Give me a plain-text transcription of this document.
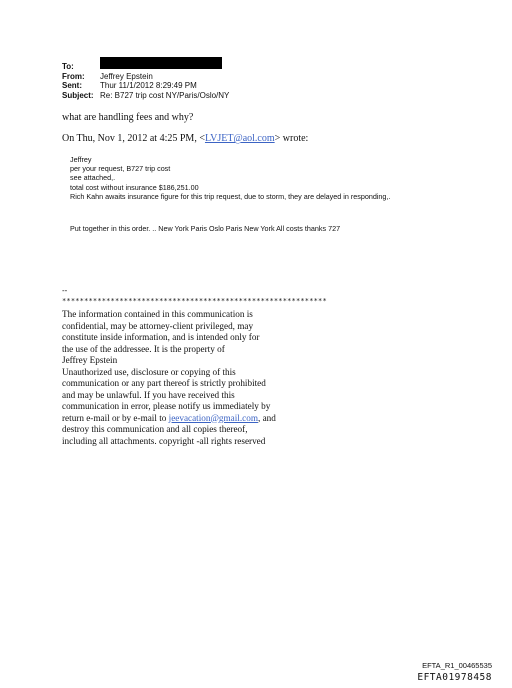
To:
From:	Jeffrey Epstein
Sent:	Thur 11/1/2012 8:29:49 PM
Subject: Re: B727 trip cost NY/Paris/Oslo/NY
what are handling fees and why?
On Thu, Nov 1, 2012 at 4:25 PM, <LVJET@aol.com> wrote:
Jeffrey
per your request, B727 trip cost
see attached,.
total cost without insurance $186,251.00
Rich Kahn awaits insurance figure for this trip request, due to storm, they are delayed in responding,.
Put together in this order. .. New York Paris Oslo Paris New York All costs thanks 727
--
************************************************************
The information contained in this communication is
confidential, may be attorney-client privileged, may
constitute inside information, and is intended only for
the use of the addressee. It is the property of
Jeffrey Epstein
Unauthorized use, disclosure or copying of this
communication or any part thereof is strictly prohibited
and may be unlawful. If you have received this
communication in error, please notify us immediately by
return e-mail or by e-mail to jeevacation@gmail.com, and
destroy this communication and all copies thereof,
including all attachments. copyright -all rights reserved
EFTA_R1_00465535
EFTA01978458
